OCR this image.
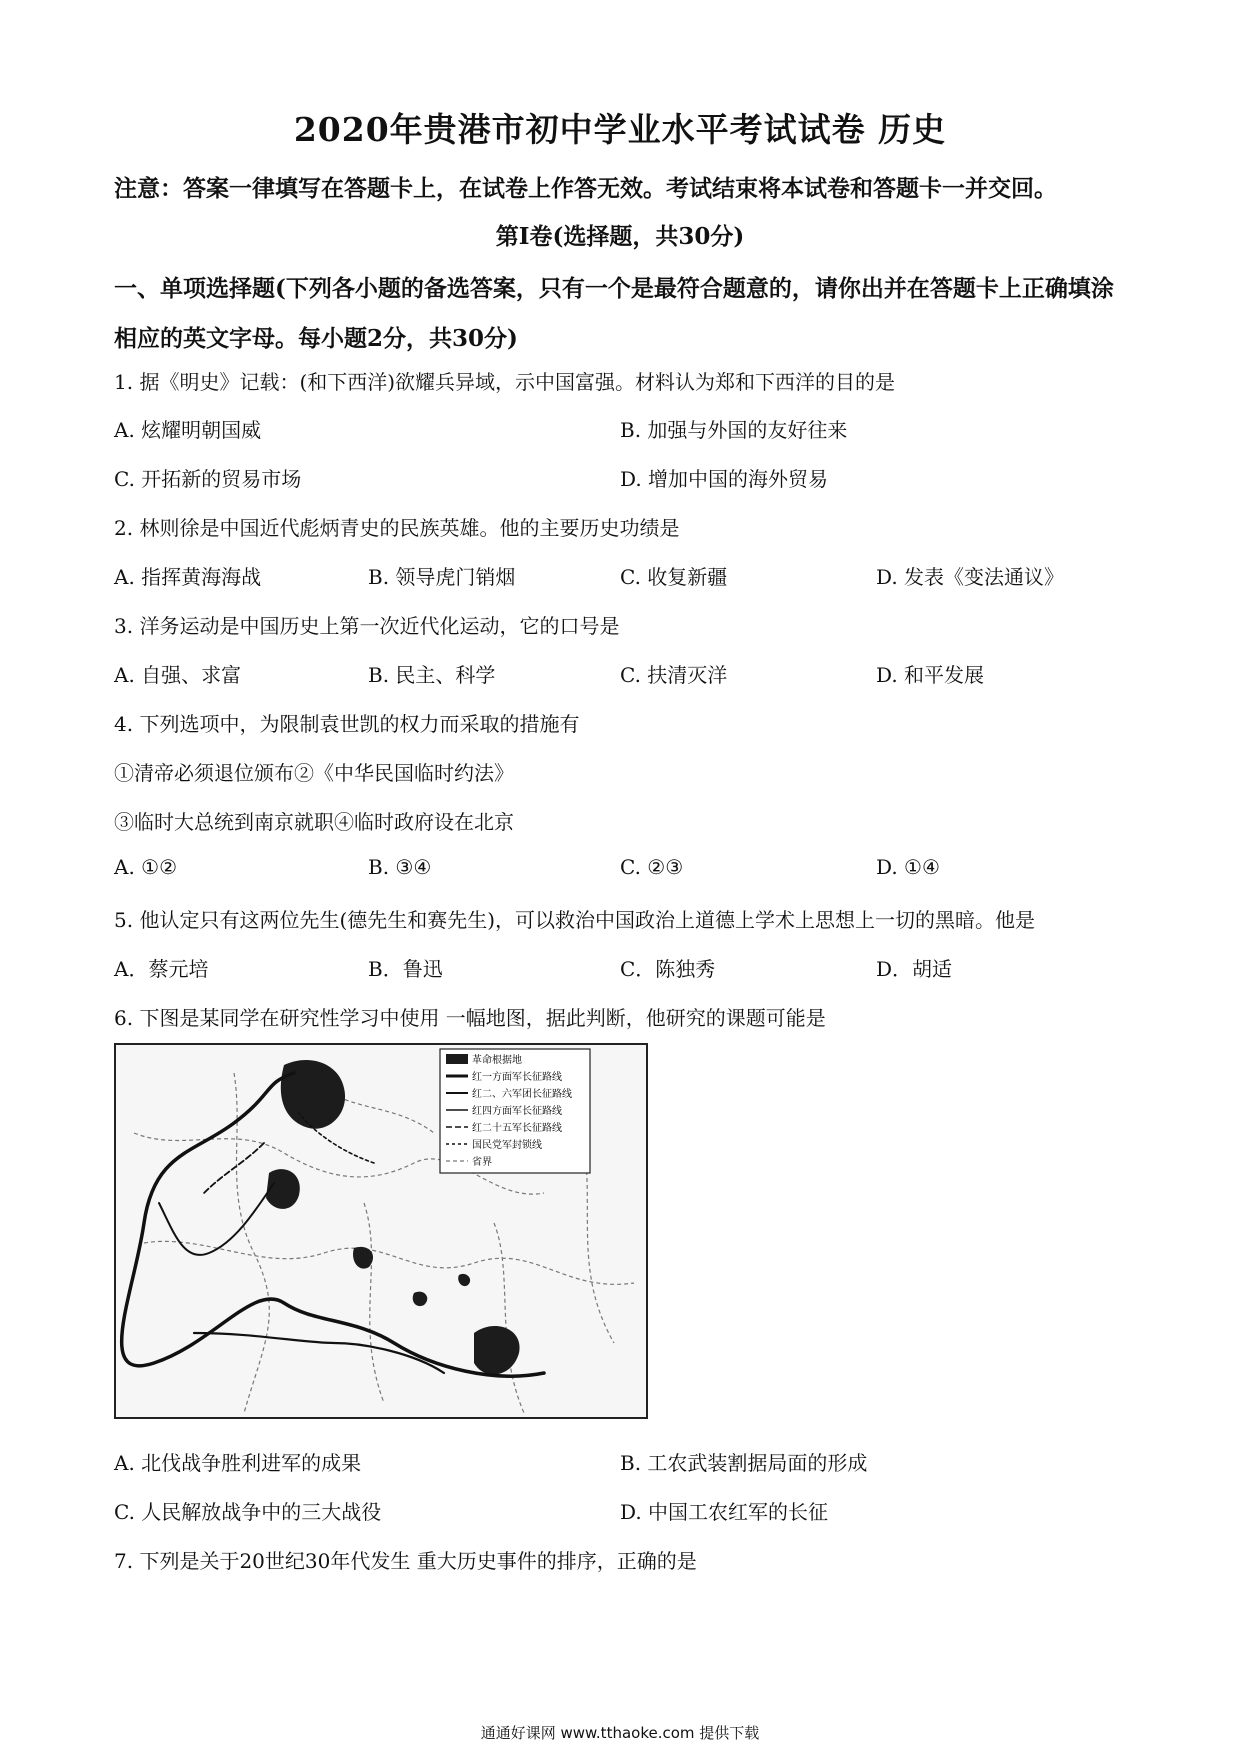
2020年贵港市初中学业水平考试试卷 历史
注意：答案一律填写在答题卡上，在试卷上作答无效。考试结束将本试卷和答题卡一并交回。
第Ⅰ卷(选择题，共30分)
一、单项选择题(下列各小题的备选答案，只有一个是最符合题意的，请你出并在答题卡上正确填涂相应的英文字母。每小题2分，共30分)
1. 据《明史》记载：(和下西洋)欲耀兵异域，示中国富强。材料认为郑和下西洋的目的是
A. 炫耀明朝国威	B. 加强与外国的友好往来
C. 开拓新的贸易市场	D. 增加中国的海外贸易
2. 林则徐是中国近代彪炳青史的民族英雄。他的主要历史功绩是
A. 指挥黄海海战	B. 领导虎门销烟	C. 收复新疆	D. 发表《变法通议》
3. 洋务运动是中国历史上第一次近代化运动，它的口号是
A. 自强、求富	B. 民主、科学	C. 扶清灭洋	D. 和平发展
4. 下列选项中，为限制袁世凯的权力而采取的措施有
①清帝必须退位颁布②《中华民国临时约法》
③临时大总统到南京就职④临时政府设在北京
A. ①②	B. ③④	C. ②③	D. ①④
5. 他认定只有这两位先生(德先生和赛先生)，可以救治中国政治上道德上学术上思想上一切的黑暗。他是
A．蔡元培	B．鲁迅	C．陈独秀	D．胡适
6. 下图是某同学在研究性学习中使用 一幅地图，据此判断，他研究的课题可能是
革命根据地
红一方面军长征路线
红二、六军团长征路线
红四方面军长征路线
红二十五军长征路线
国民党军封锁线
省界
A. 北伐战争胜利进军的成果	B. 工农武装割据局面的形成
C. 人民解放战争中的三大战役	D. 中国工农红军的长征
7. 下列是关于20世纪30年代发生 重大历史事件的排序，正确的是
通通好课网 www.tthaoke.com 提供下载
